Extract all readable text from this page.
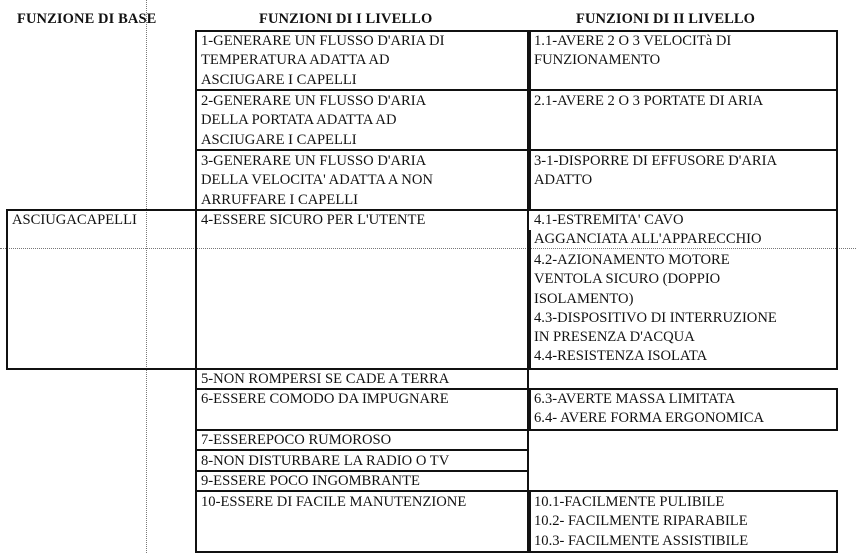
FUNZIONE DI BASE	FUNZIONI DI I LIVELLO	FUNZIONI DI II LIVELLO
ASCIUGACAPELLI
1-GENERARE UN FLUSSO D'ARIA DI
TEMPERATURA ADATTA AD
ASCIUGARE I CAPELLI
2-GENERARE UN FLUSSO D'ARIA
DELLA PORTATA ADATTA AD
ASCIUGARE I CAPELLI
3-GENERARE UN FLUSSO D'ARIA
DELLA VELOCITA' ADATTA A NON
ARRUFFARE I CAPELLI
4-ESSERE SICURO PER L'UTENTE
5-NON ROMPERSI SE CADE A TERRA
6-ESSERE COMODO DA IMPUGNARE
7-ESSEREPOCO RUMOROSO
8-NON DISTURBARE LA RADIO O TV
9-ESSERE POCO INGOMBRANTE
10-ESSERE DI FACILE MANUTENZIONE
1.1-AVERE 2 O 3 VELOCITà DI
FUNZIONAMENTO
2.1-AVERE 2 O 3 PORTATE DI ARIA
3-1-DISPORRE DI EFFUSORE D'ARIA
ADATTO
4.1-ESTREMITA' CAVO
AGGANCIATA ALL'APPARECCHIO
4.2-AZIONAMENTO MOTORE
VENTOLA SICURO (DOPPIO
ISOLAMENTO)
4.3-DISPOSITIVO DI INTERRUZIONE
IN PRESENZA D'ACQUA
4.4-RESISTENZA ISOLATA
6.3-AVERTE MASSA LIMITATA
6.4- AVERE FORMA ERGONOMICA
10.1-FACILMENTE PULIBILE
10.2- FACILMENTE RIPARABILE
10.3- FACILMENTE ASSISTIBILE
